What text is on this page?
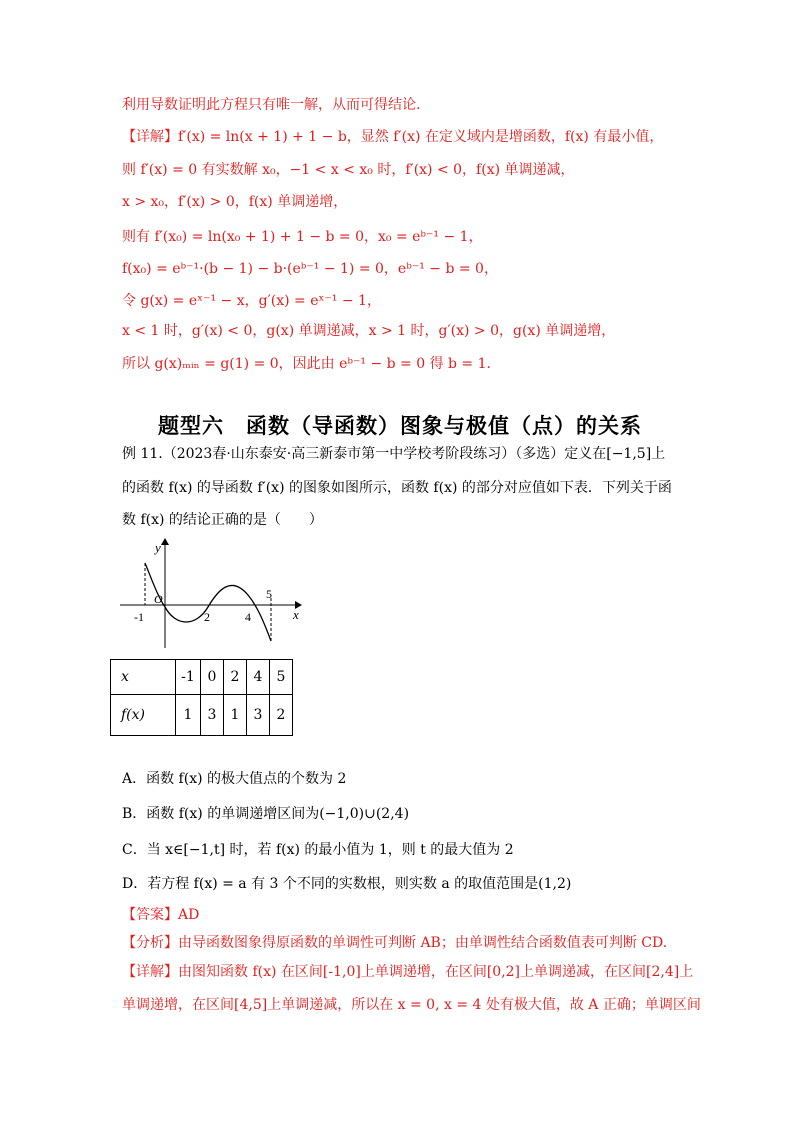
利用导数证明此方程只有唯一解，从而可得结论.
【详解】f′(x) = ln(x + 1) + 1 − b，显然 f′(x) 在定义域内是增函数，f(x) 有最小值，
则 f′(x) = 0 有实数解 x₀，−1 < x < x₀ 时，f′(x) < 0，f(x) 单调递减，
x > x₀，f′(x) > 0，f(x) 单调递增，
则有 f′(x₀) = ln(x₀ + 1) + 1 − b = 0，x₀ = eᵇ⁻¹ − 1，
f(x₀) = eᵇ⁻¹·(b − 1) − b·(eᵇ⁻¹ − 1) = 0，eᵇ⁻¹ − b = 0，
令 g(x) = eˣ⁻¹ − x，g′(x) = eˣ⁻¹ − 1，
x < 1 时，g′(x) < 0，g(x) 单调递减，x > 1 时，g′(x) > 0，g(x) 单调递增，
所以 g(x)ₘᵢₙ = g(1) = 0，因此由 eᵇ⁻¹ − b = 0 得 b = 1.
题型六　函数（导函数）图象与极值（点）的关系
例 11.（2023春·山东泰安·高三新泰市第一中学校考阶段练习）（多选）定义在[−1,5]上
的函数 f(x) 的导函数 f′(x) 的图象如图所示，函数 f(x) 的部分对应值如下表．下列关于函
数 f(x) 的结论正确的是（　　）
y
x
O
-1	2	4
5
x	-1	0	2	4	5
f(x)	1	3	1	3	2
A．函数 f(x) 的极大值点的个数为 2
B．函数 f(x) 的单调递增区间为(−1,0)∪(2,4)
C．当 x∈[−1,t] 时，若 f(x) 的最小值为 1，则 t 的最大值为 2
D．若方程 f(x) = a 有 3 个不同的实数根，则实数 a 的取值范围是(1,2)
【答案】AD
【分析】由导函数图象得原函数的单调性可判断 AB；由单调性结合函数值表可判断 CD.
【详解】由图知函数 f(x) 在区间[-1,0]上单调递增，在区间[0,2]上单调递减，在区间[2,4]上
单调递增，在区间[4,5]上单调递减，所以在 x = 0, x = 4 处有极大值，故 A 正确；单调区间
